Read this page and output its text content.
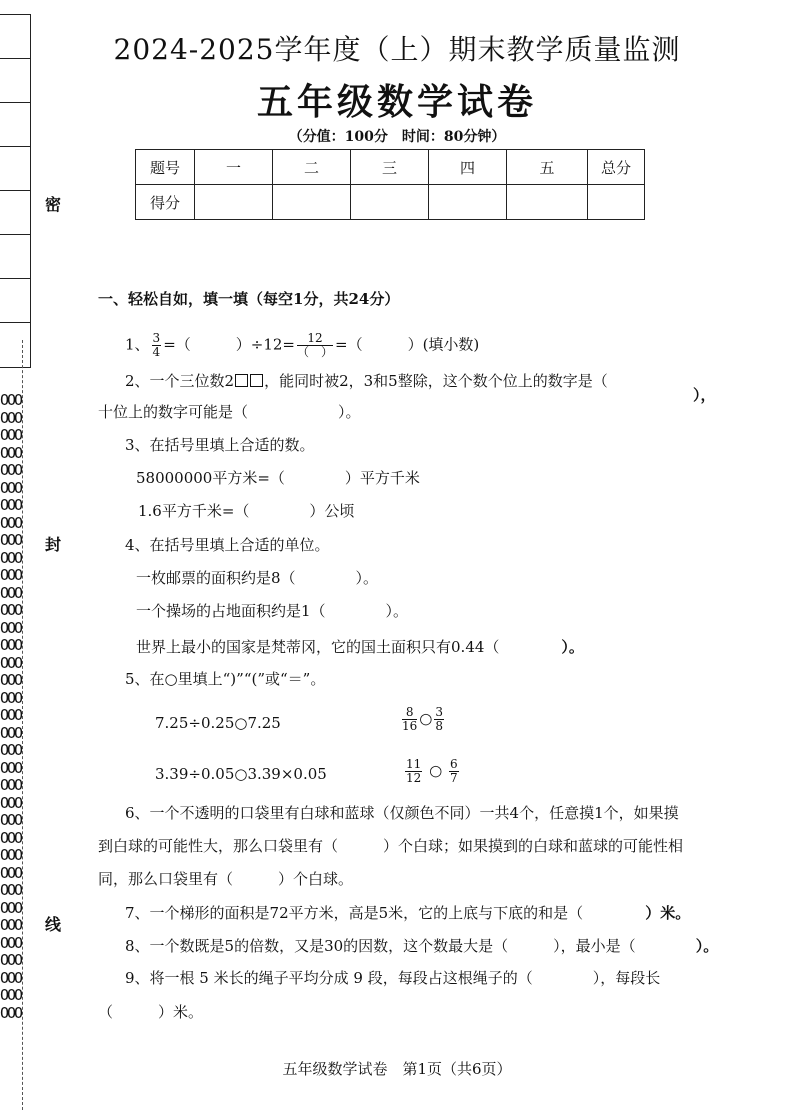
密
封
线
OOO
OOO
OOO
OOO
OOO
OOO
OOO
OOO
OOO
OOO
OOO
OOO
OOO
OOO
OOO
OOO
OOO
OOO
OOO
OOO
OOO
OOO
OOO
OOO
OOO
OOO
OOO
OOO
OOO
OOO
OOO
OOO
OOO
OOO
OOO
OOO
2024-2025学年度（上）期末教学质量监测
五年级数学试卷
（分值：100分　时间：80分钟）
题号	一	二	三	四	五	总分
得分						
一、轻松自如，填一填（每空1分，共24分）
1、 $\frac{3}{4}$ =（　　　）$\div 12= \frac{12}{( )}$ =（　　　）(填小数)
2、一个三位数2 ，能同时被2，3和5整除，这个数个位上的数字是（
），
十位上的数字可能是（　　　　　　）。
3、在括号里填上合适的数。
58000000平方米=（　　　　）平方千米
1.6平方千米=（　　　　）公顷
4、在括号里填上合适的单位。
一枚邮票的面积约是8（　　　　）。
一个操场的占地面积约是1（　　　　）。
世界上最小的国家是梵蒂冈，它的国土面积只有0.44（	）。
5、在○里填上“)”“(”或“＝”。
7.25÷0.25○7.25	$\frac{8}{16}$ ○ $\frac{3}{8}$
3.39÷0.05○3.39×0.05	$\frac{11}{12}$ ○ $\frac{6}{7}$
6、一个不透明的口袋里有白球和蓝球（仅颜色不同）一共4个，任意摸1个，如果摸
到白球的可能性大，那么口袋里有（　　　）个白球；如果摸到的白球和蓝球的可能性相
同，那么口袋里有（　　　）个白球。
7、一个梯形的面积是72平方米，高是5米，它的上底与下底的和是（	）米。
8、一个数既是5的倍数，又是30的因数，这个数最大是（　　　），最小是（	）。
9、将一根 5 米长的绳子平均分成 9 段，每段占这根绳子的（　　　　），每段长
（　　　）米。
五年级数学试卷　第1页（共6页）
